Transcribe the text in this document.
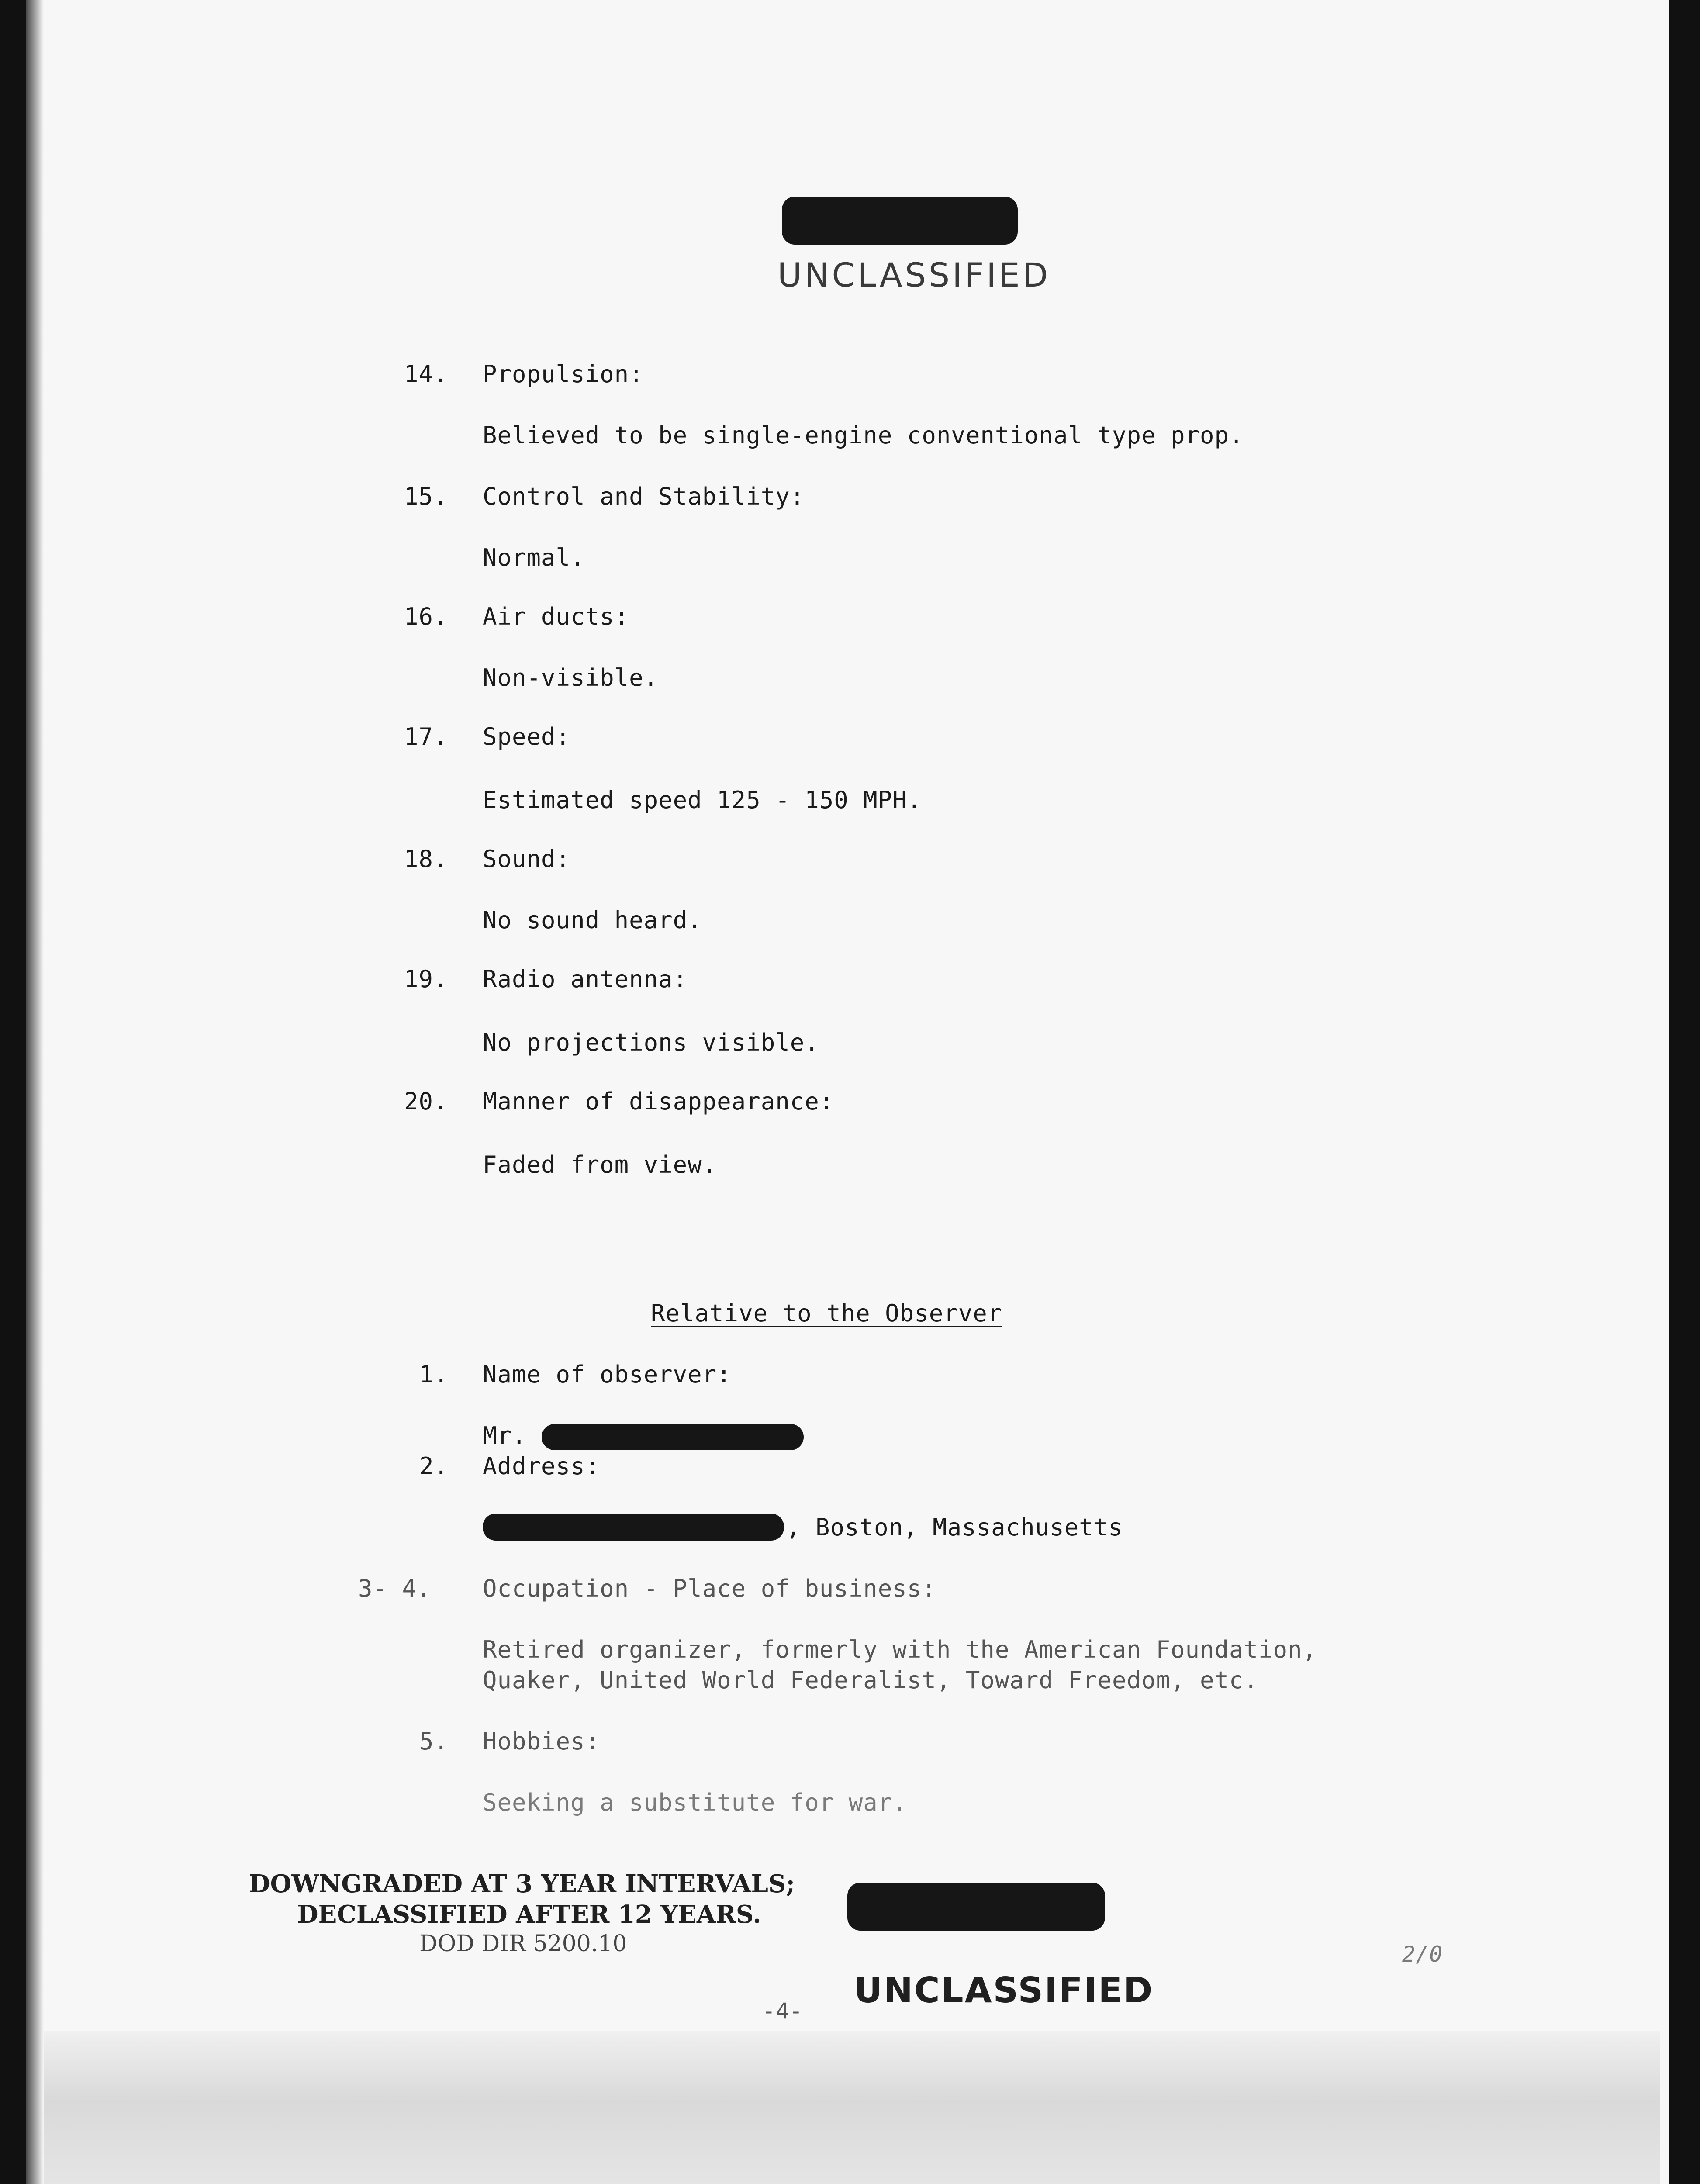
UNCLASSIFIED
14. Propulsion:
Believed to be single-engine conventional type prop.
15. Control and Stability:
Normal.
16. Air ducts:
Non-visible.
17. Speed:
Estimated speed 125 - 150 MPH.
18. Sound:
No sound heard.
19. Radio antenna:
No projections visible.
20. Manner of disappearance:
Faded from view.
Relative to the Observer
1. Name of observer:
Mr.
2. Address:
, Boston, Massachusetts
3- 4. Occupation - Place of business:
Retired organizer, formerly with the American Foundation,
Quaker, United World Federalist, Toward Freedom, etc.
5. Hobbies:
Seeking a substitute for war.
DOWNGRADED AT 3 YEAR INTERVALS;
DECLASSIFIED AFTER 12 YEARS.
DOD DIR 5200.10
-4-
UNCLASSIFIED
2/0
